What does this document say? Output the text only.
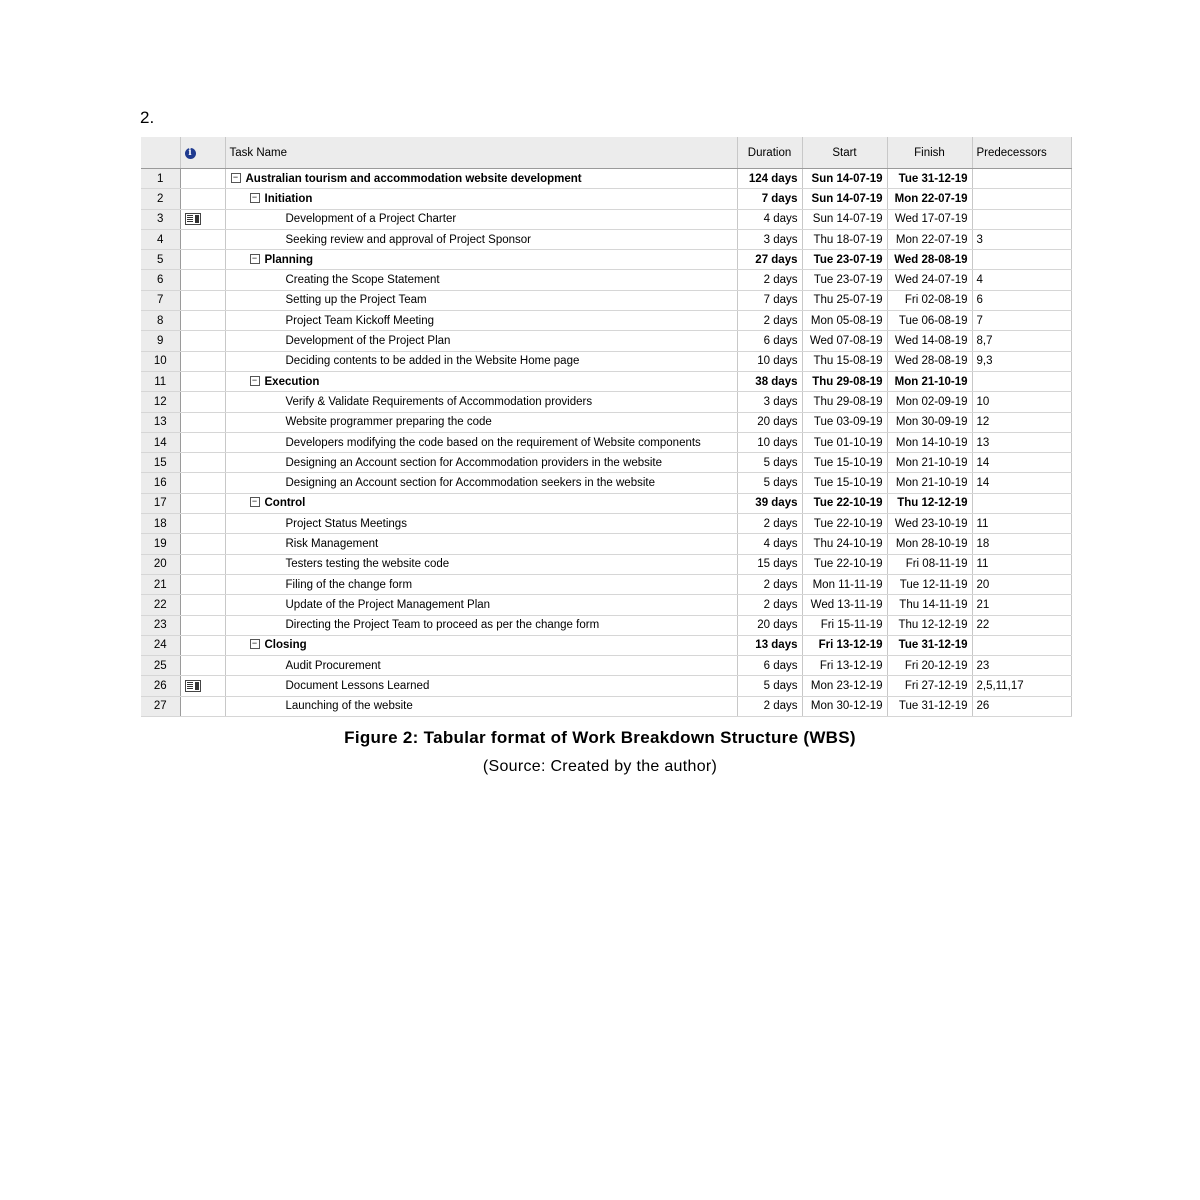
2.
	i	Task Name	Duration	Start	Finish	Predecessors
1		− Australian tourism and accommodation website development	124 days	Sun 14-07-19	Tue 31-12-19	
2		− Initiation	7 days	Sun 14-07-19	Mon 22-07-19	
3		Development of a Project Charter	4 days	Sun 14-07-19	Wed 17-07-19	
4		Seeking review and approval of Project Sponsor	3 days	Thu 18-07-19	Mon 22-07-19	3
5		− Planning	27 days	Tue 23-07-19	Wed 28-08-19	
6		Creating the Scope Statement	2 days	Tue 23-07-19	Wed 24-07-19	4
7		Setting up the Project Team	7 days	Thu 25-07-19	Fri 02-08-19	6
8		Project Team Kickoff Meeting	2 days	Mon 05-08-19	Tue 06-08-19	7
9		Development of the Project Plan	6 days	Wed 07-08-19	Wed 14-08-19	8,7
10		Deciding contents to be added in the Website Home page	10 days	Thu 15-08-19	Wed 28-08-19	9,3
11		− Execution	38 days	Thu 29-08-19	Mon 21-10-19	
12		Verify & Validate Requirements of Accommodation providers	3 days	Thu 29-08-19	Mon 02-09-19	10
13		Website programmer preparing the code	20 days	Tue 03-09-19	Mon 30-09-19	12
14		Developers modifying the code based on the requirement of Website components	10 days	Tue 01-10-19	Mon 14-10-19	13
15		Designing an Account section for Accommodation providers in the website	5 days	Tue 15-10-19	Mon 21-10-19	14
16		Designing an Account section for Accommodation seekers in the website	5 days	Tue 15-10-19	Mon 21-10-19	14
17		− Control	39 days	Tue 22-10-19	Thu 12-12-19	
18		Project Status Meetings	2 days	Tue 22-10-19	Wed 23-10-19	11
19		Risk Management	4 days	Thu 24-10-19	Mon 28-10-19	18
20		Testers testing the website code	15 days	Tue 22-10-19	Fri 08-11-19	11
21		Filing of the change form	2 days	Mon 11-11-19	Tue 12-11-19	20
22		Update of the Project Management Plan	2 days	Wed 13-11-19	Thu 14-11-19	21
23		Directing the Project Team to proceed as per the change form	20 days	Fri 15-11-19	Thu 12-12-19	22
24		− Closing	13 days	Fri 13-12-19	Tue 31-12-19	
25		Audit Procurement	6 days	Fri 13-12-19	Fri 20-12-19	23
26		Document Lessons Learned	5 days	Mon 23-12-19	Fri 27-12-19	2,5,11,17
27		Launching of the website	2 days	Mon 30-12-19	Tue 31-12-19	26
Figure 2: Tabular format of Work Breakdown Structure (WBS)
(Source: Created by the author)
